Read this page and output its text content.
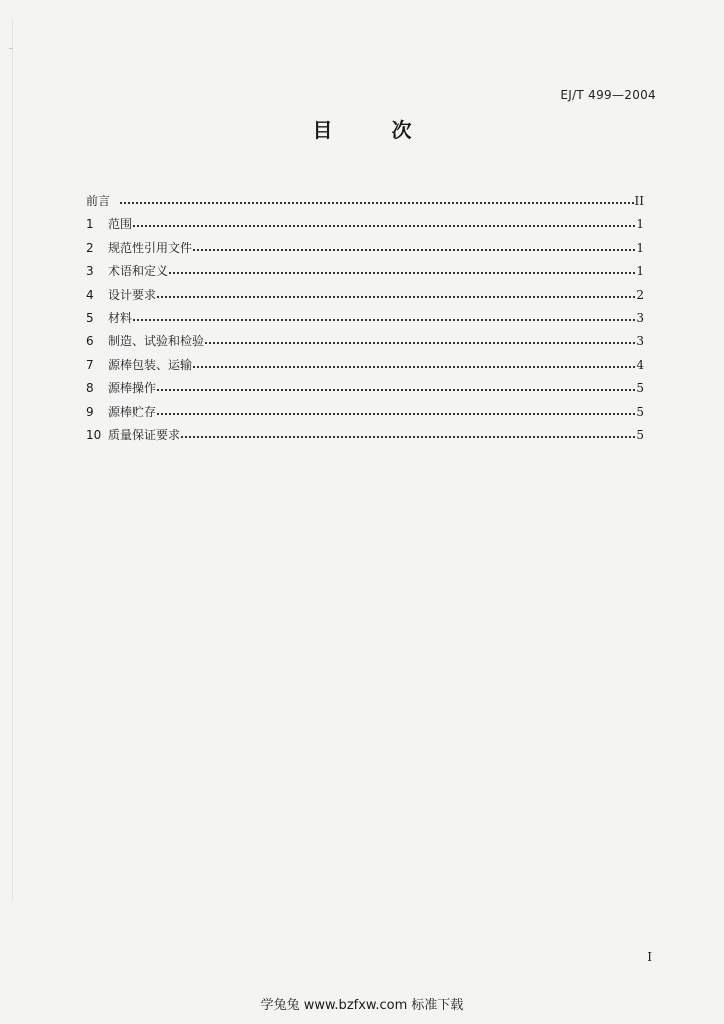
EJ/T 499—2004
目 次
前言	II
1	范围	1
2	规范性引用文件	1
3	术语和定义	1
4	设计要求	2
5	材料	3
6	制造、试验和检验	3
7	源棒包装、运输	4
8	源棒操作	5
9	源棒贮存	5
10 质量保证要求	5
I
学兔兔 www.bzfxw.com 标准下载
